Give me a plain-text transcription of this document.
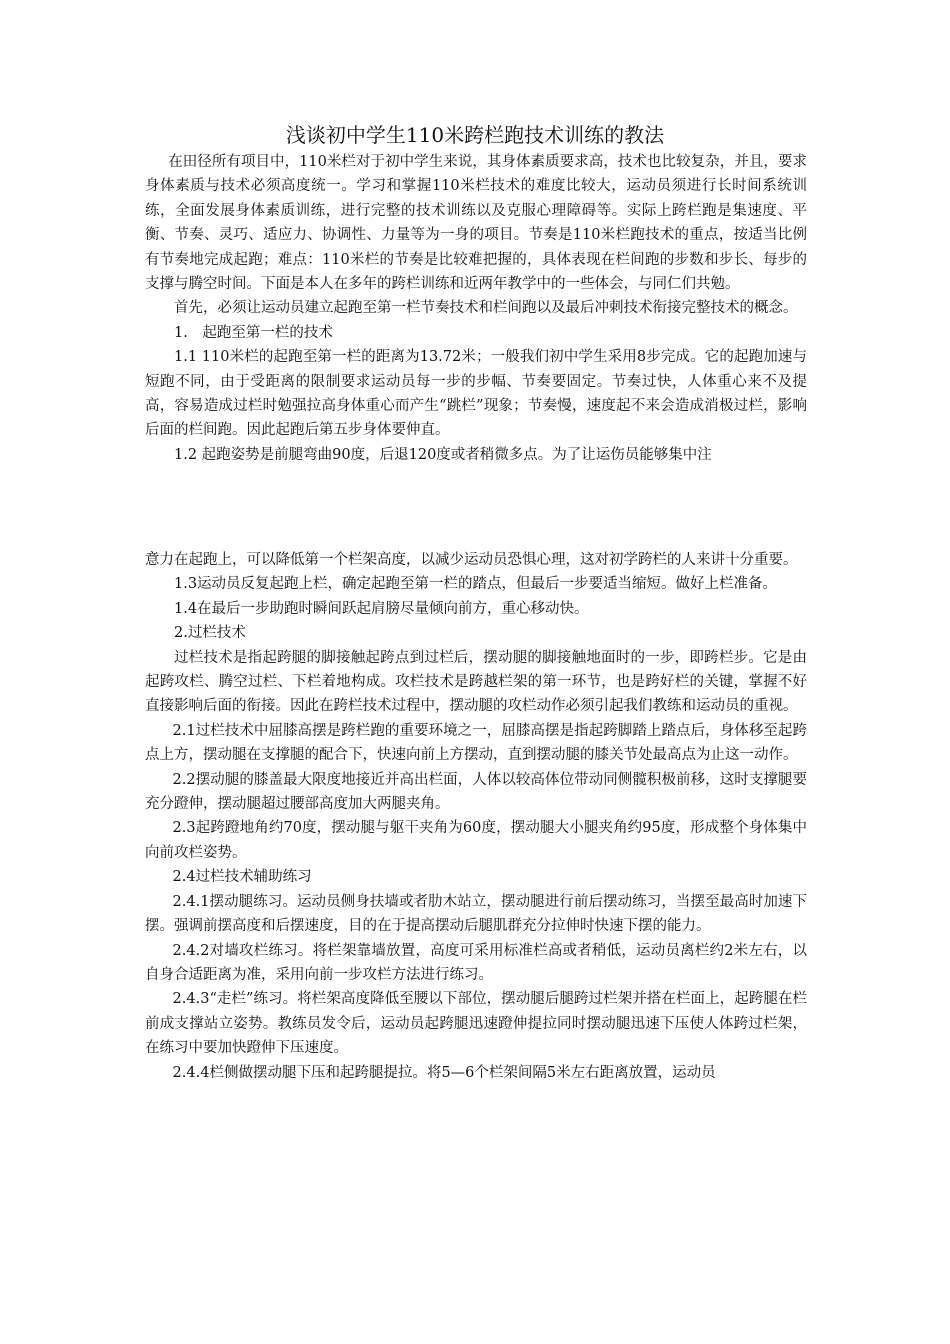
浅谈初中学生110米跨栏跑技术训练的教法

在田径所有项目中，110米栏对于初中学生来说，其身体素质要求高，技术也比较复杂，并且，要求身体素质与技术必须高度统一。学习和掌握110米栏技术的难度比较大，运动员须进行长时间系统训练，全面发展身体素质训练，进行完整的技术训练以及克服心理障碍等。实际上跨栏跑是集速度、平衡、节奏、灵巧、适应力、协调性、力量等为一身的项目。节奏是110米栏跑技术的重点，按适当比例有节奏地完成起跑；难点：110米栏的节奏是比较难把握的，具体表现在栏间跑的步数和步长、每步的支撑与腾空时间。下面是本人在多年的跨栏训练和近两年教学中的一些体会，与同仁们共勉。

首先，必须让运动员建立起跑至第一栏节奏技术和栏间跑以及最后冲刺技术衔接完整技术的概念。

1.　起跑至第一栏的技术

1.1 110米栏的起跑至第一栏的距离为13.72米；一般我们初中学生采用8步完成。它的起跑加速与短跑不同，由于受距离的限制要求运动员每一步的步幅、节奏要固定。节奏过快，人体重心来不及提高，容易造成过栏时勉强拉高身体重心而产生“跳栏”现象；节奏慢，速度起不来会造成消极过栏，影响后面的栏间跑。因此起跑后第五步身体要伸直。

1.2 起跑姿势是前腿弯曲90度，后退120度或者稍微多点。为了让运伤员能够集中注

意力在起跑上，可以降低第一个栏架高度，以减少运动员恐惧心理，这对初学跨栏的人来讲十分重要。

1.3运动员反复起跑上栏，确定起跑至第一栏的踏点，但最后一步要适当缩短。做好上栏准备。

1.4在最后一步助跑时瞬间跃起肩膀尽量倾向前方，重心移动快。

2.过栏技术

过栏技术是指起跨腿的脚接触起跨点到过栏后，摆动腿的脚接触地面时的一步，即跨栏步。它是由起跨攻栏、腾空过栏、下栏着地构成。攻栏技术是跨越栏架的第一环节，也是跨好栏的关键，掌握不好直接影响后面的衔接。因此在跨栏技术过程中，摆动腿的攻栏动作必须引起我们教练和运动员的重视。

2.1过栏技术中屈膝高摆是跨栏跑的重要环境之一，屈膝高摆是指起跨脚踏上踏点后，身体移至起跨点上方，摆动腿在支撑腿的配合下，快速向前上方摆动，直到摆动腿的膝关节处最高点为止这一动作。

2.2摆动腿的膝盖最大限度地接近并高出栏面，人体以较高体位带动同侧髋积极前移，这时支撑腿要充分蹬伸，摆动腿超过腰部高度加大两腿夹角。

2.3起跨蹬地角约70度，摆动腿与躯干夹角为60度，摆动腿大小腿夹角约95度，形成整个身体集中向前攻栏姿势。

2.4过栏技术辅助练习

2.4.1摆动腿练习。运动员侧身扶墙或者肋木站立，摆动腿进行前后摆动练习，当摆至最高时加速下摆。强调前摆高度和后摆速度，目的在于提高摆动后腿肌群充分拉伸时快速下摆的能力。

2.4.2对墙攻栏练习。将栏架靠墙放置，高度可采用标准栏高或者稍低，运动员离栏约2米左右，以自身合适距离为准，采用向前一步攻栏方法进行练习。

2.4.3“走栏”练习。将栏架高度降低至腰以下部位，摆动腿后腿跨过栏架并搭在栏面上，起跨腿在栏前成支撑站立姿势。教练员发令后，运动员起跨腿迅速蹬伸提拉同时摆动腿迅速下压使人体跨过栏架，在练习中要加快蹬伸下压速度。

2.4.4栏侧做摆动腿下压和起跨腿提拉。将5—6个栏架间隔5米左右距离放置，运动员
